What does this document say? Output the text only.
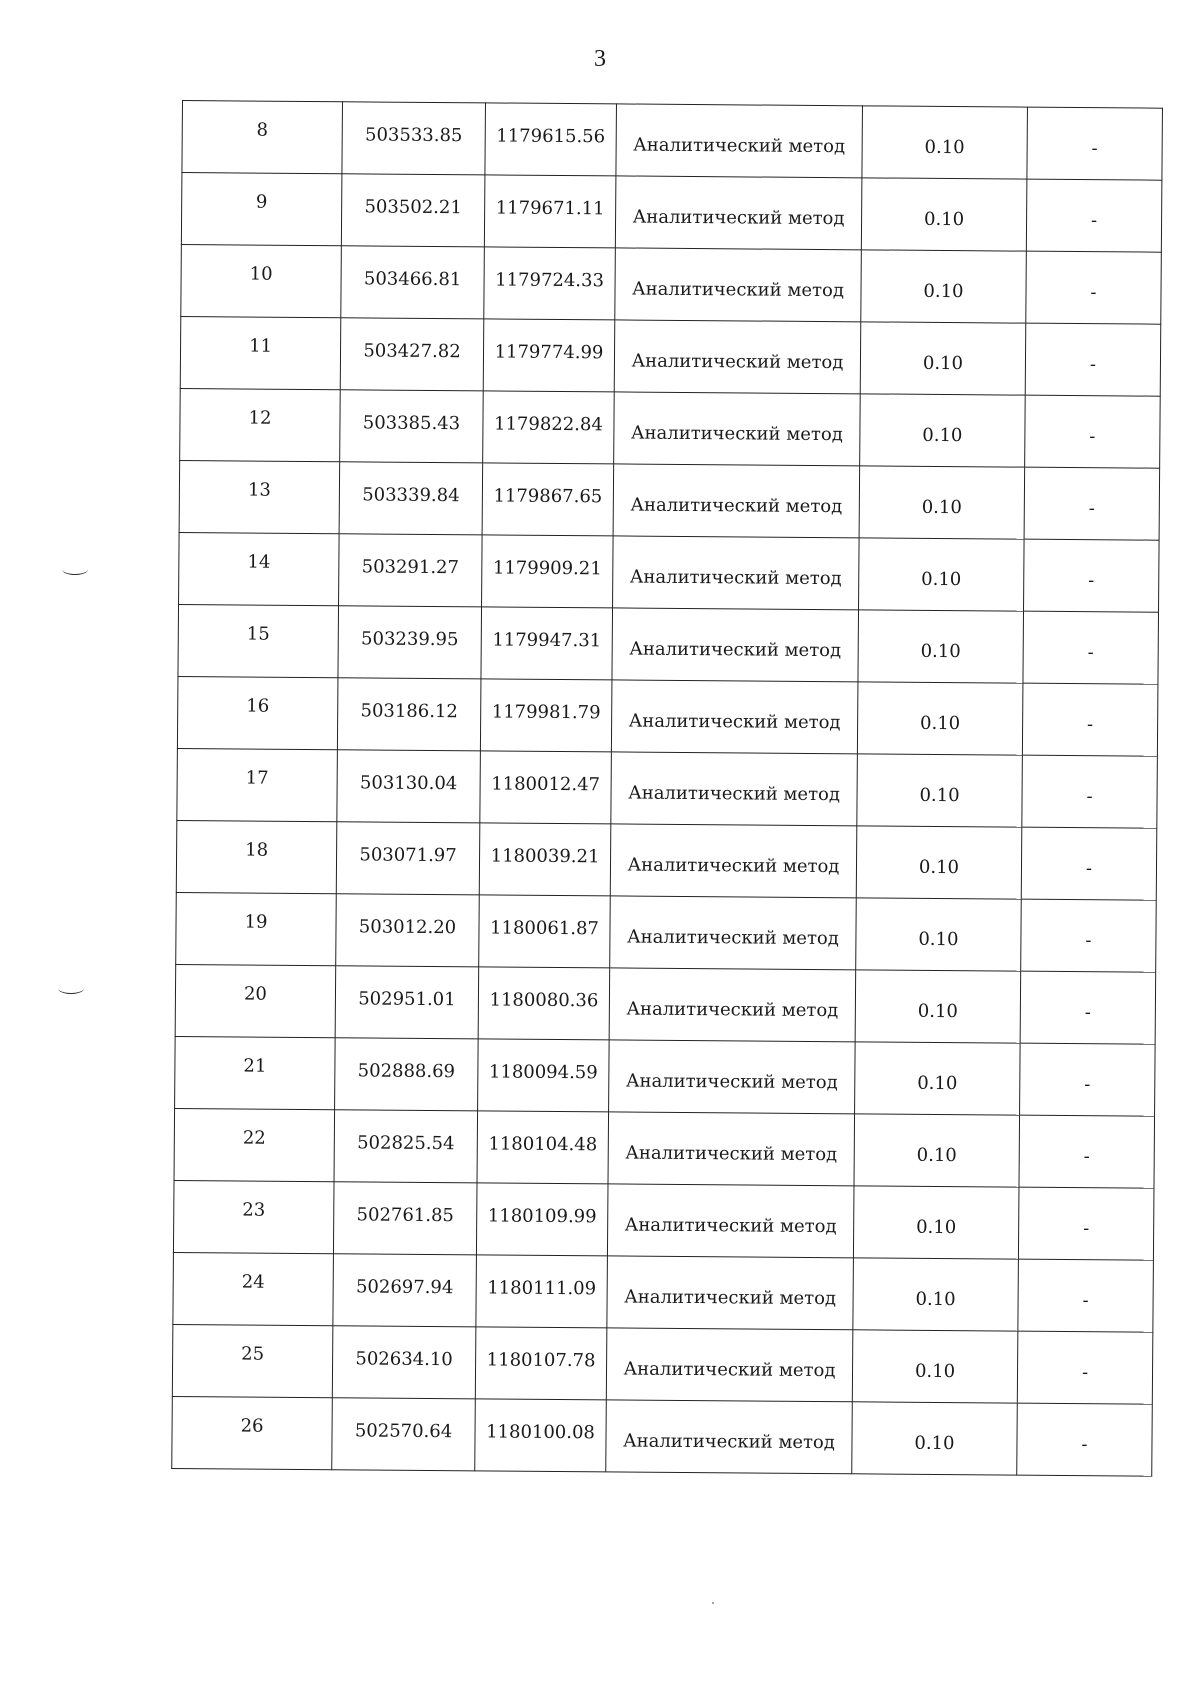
3
8	503533.85	1179615.56	Аналитический метод	0.10	-

9	503502.21	1179671.11	Аналитический метод	0.10	-

10	503466.81	1179724.33	Аналитический метод	0.10	-

11	503427.82	1179774.99	Аналитический метод	0.10	-

12	503385.43	1179822.84	Аналитический метод	0.10	-

13	503339.84	1179867.65	Аналитический метод	0.10	-

14	503291.27	1179909.21	Аналитический метод	0.10	-

15	503239.95	1179947.31	Аналитический метод	0.10	-

16	503186.12	1179981.79	Аналитический метод	0.10	-

17	503130.04	1180012.47	Аналитический метод	0.10	-

18	503071.97	1180039.21	Аналитический метод	0.10	-

19	503012.20	1180061.87	Аналитический метод	0.10	-

20	502951.01	1180080.36	Аналитический метод	0.10	-

21	502888.69	1180094.59	Аналитический метод	0.10	-

22	502825.54	1180104.48	Аналитический метод	0.10	-

23	502761.85	1180109.99	Аналитический метод	0.10	-

24	502697.94	1180111.09	Аналитический метод	0.10	-

25	502634.10	1180107.78	Аналитический метод	0.10	-

26	502570.64	1180100.08	Аналитический метод	0.10	-
